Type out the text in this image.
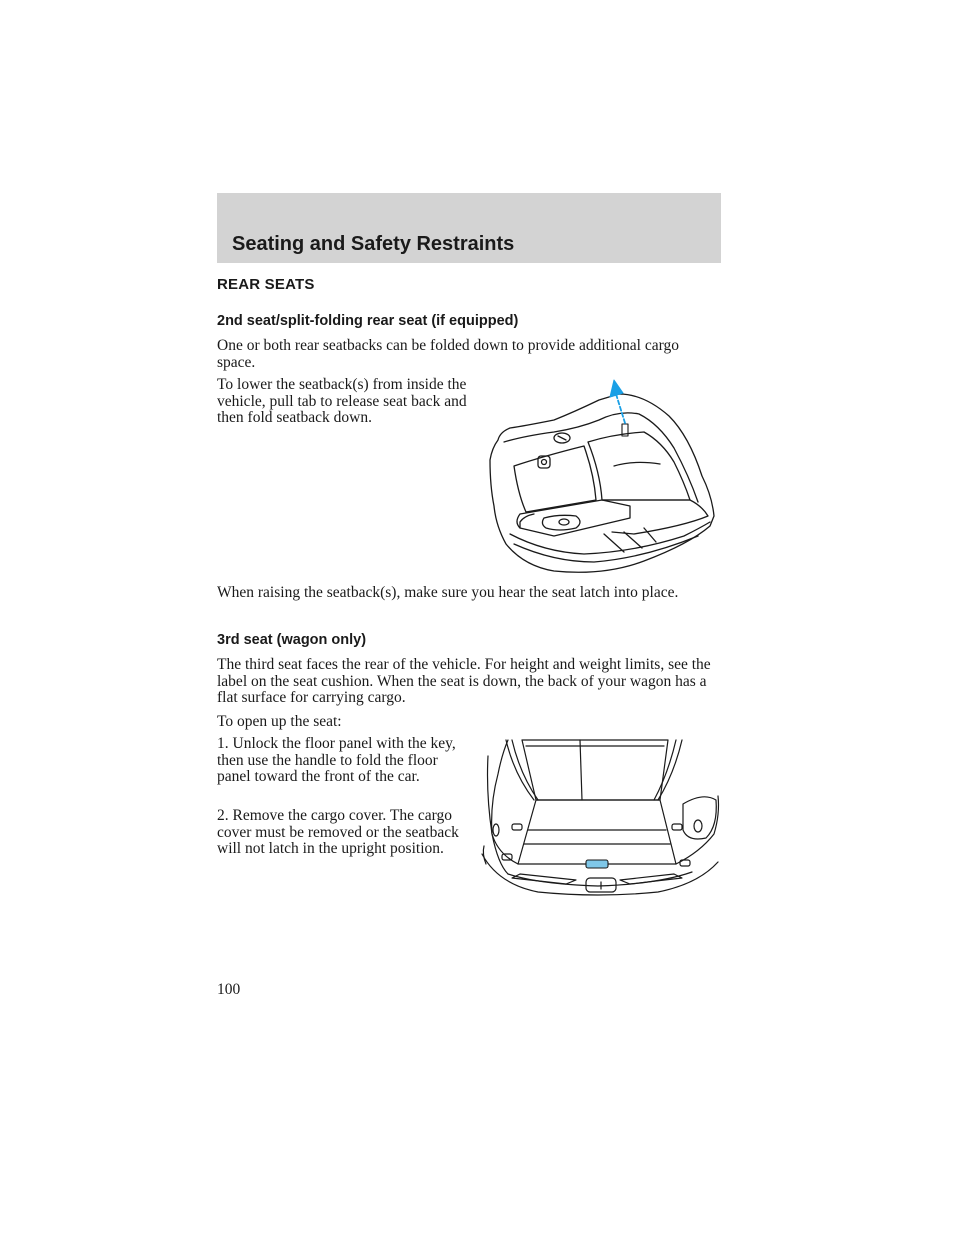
Seating and Safety Restraints
REAR SEATS
2nd seat/split-folding rear seat (if equipped)

One or both rear seatbacks can be folded down to provide additional cargo space.

To lower the seatback(s) from inside the vehicle, pull tab to release seat back and then fold seatback down.

When raising the seatback(s), make sure you hear the seat latch into place.

3rd seat (wagon only)

The third seat faces the rear of the vehicle. For height and weight limits, see the label on the seat cushion. When the seat is down, the back of your wagon has a flat surface for carrying cargo.

To open up the seat:

1. Unlock the floor panel with the key, then use the handle to fold the floor panel toward the front of the car.

2. Remove the cargo cover. The cargo cover must be removed or the seatback will not latch in the upright position.

100
